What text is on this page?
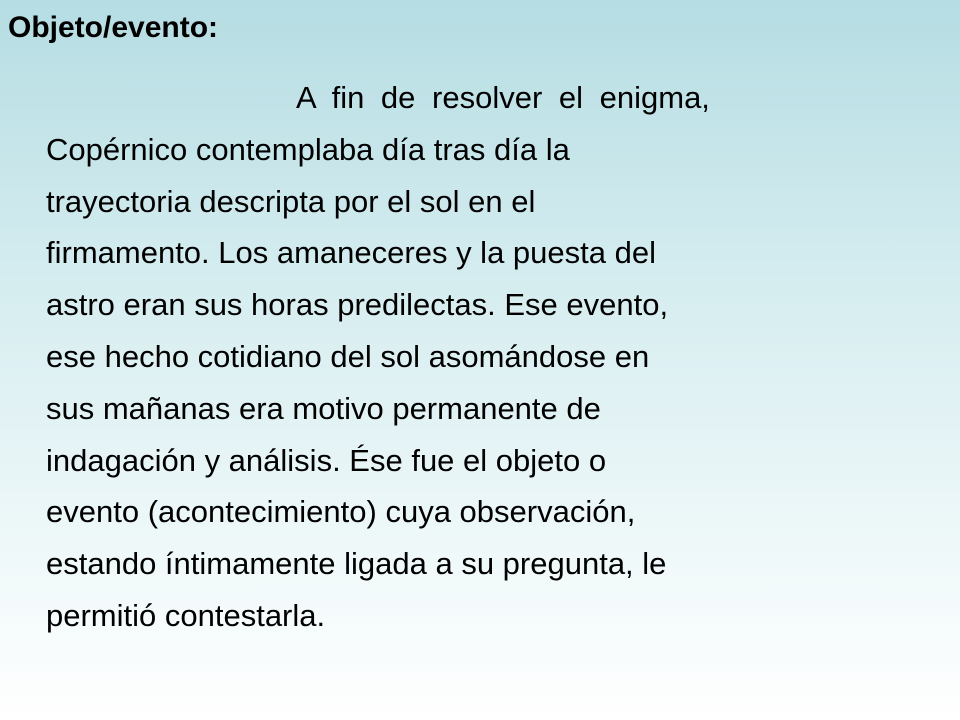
Objeto/evento:

A fin de resolver el enigma,
Copérnico contemplaba día tras día la
trayectoria descripta por el sol en el
firmamento. Los amaneceres y la puesta del
astro eran sus horas predilectas. Ese evento,
ese hecho cotidiano del sol asomándose en
sus mañanas era motivo permanente de
indagación y análisis. Ése fue el objeto o
evento (acontecimiento) cuya observación,
estando íntimamente ligada a su pregunta, le
permitió contestarla.
